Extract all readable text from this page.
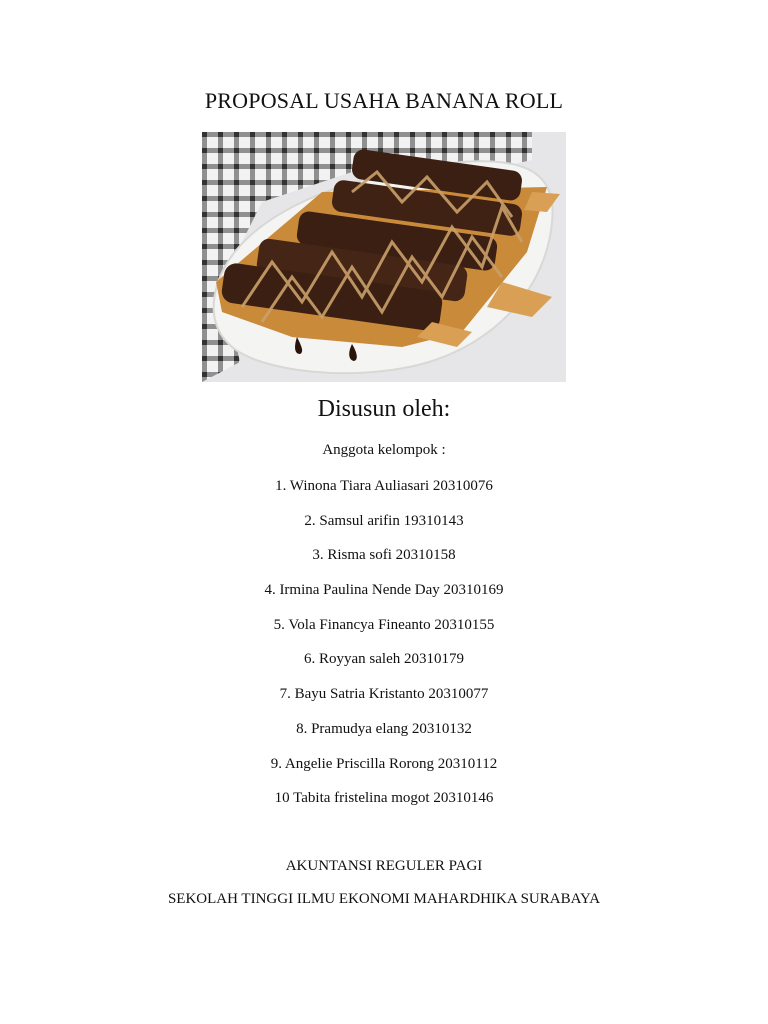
PROPOSAL USAHA BANANA ROLL
Disusun oleh:
Anggota kelompok :
1. Winona Tiara Auliasari 20310076
2. Samsul arifin 19310143
3. Risma sofi 20310158
4. Irmina Paulina Nende Day 20310169
5. Vola Financya Fineanto 20310155
6. Royyan saleh 20310179
7. Bayu Satria Kristanto 20310077
8. Pramudya elang 20310132
9. Angelie Priscilla Rorong 20310112
10 Tabita fristelina mogot 20310146
AKUNTANSI REGULER PAGI
SEKOLAH TINGGI ILMU EKONOMI MAHARDHIKA SURABAYA
